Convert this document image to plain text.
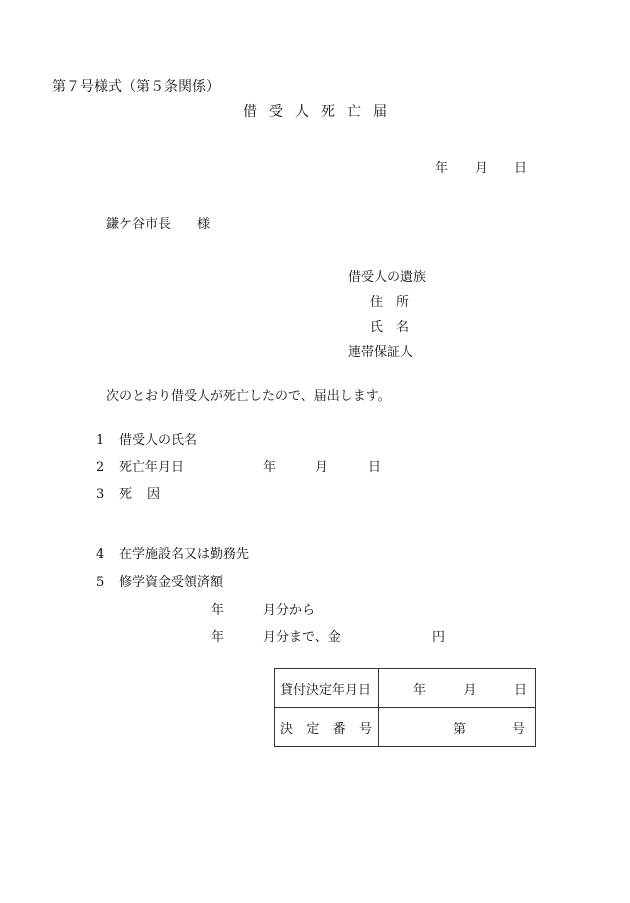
第７号様式（第５条関係）
借 受 人 死 亡 届
年 月 日
鎌ケ谷市長 様
借受人の遺族
住 所
氏 名
連帯保証人
次のとおり借受人が死亡したので、届出します。
1 借受人の氏名
2 死亡年月日	年	月	日
3 死 因
4 在学施設名又は勤務先
5 修学資金受領済額
年	月分から
年	月分まで、金	円
貸付決定年月日	年 月 日

決 定 番 号	第 号
